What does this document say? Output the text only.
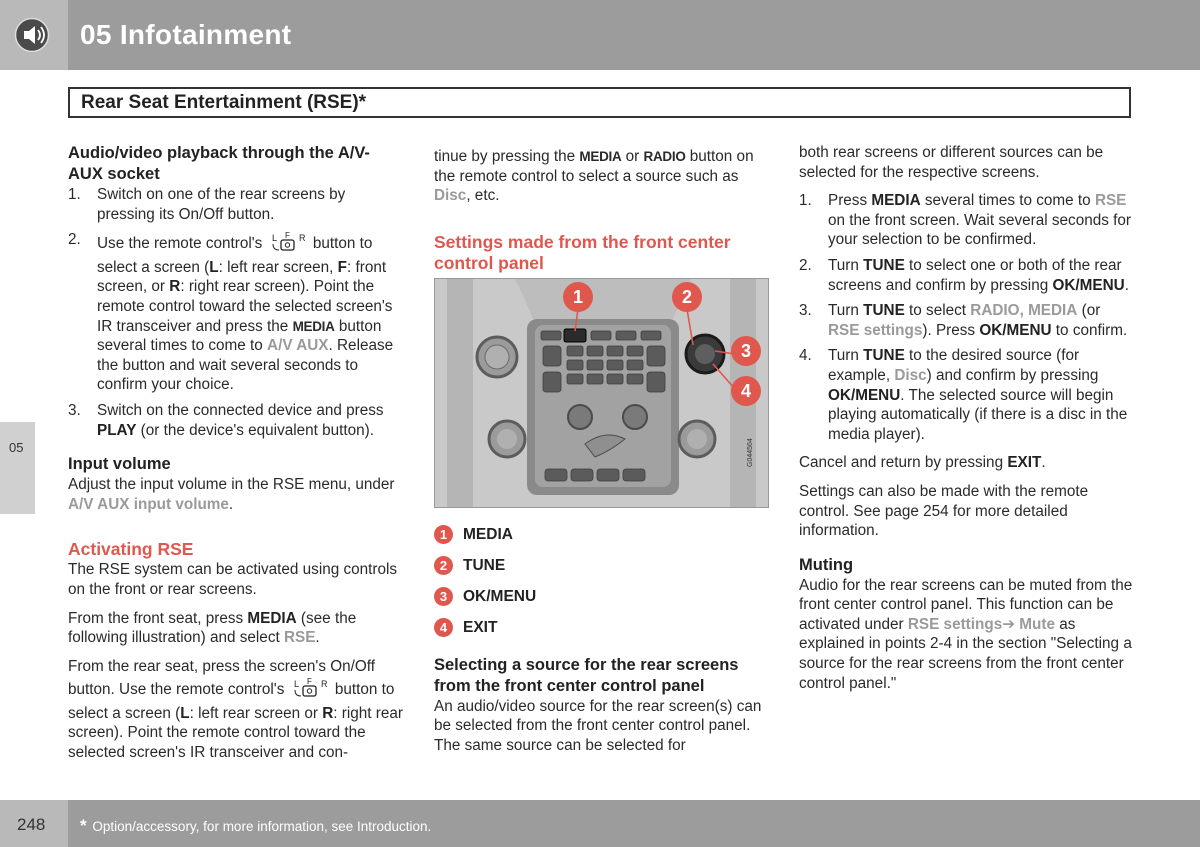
05 Infotainment
Rear Seat Entertainment (RSE)*
05
Audio/video playback through the A/V-AUX socket
1. Switch on one of the rear screens by pressing its On/Off button.
2. Use the remote control's L F R button to select a screen (L: left rear screen, F: front screen, or R: right rear screen). Point the remote control toward the selected screen's IR transceiver and press the MEDIA button several times to come to A/V AUX. Release the button and wait several seconds to confirm your choice.
3. Switch on the connected device and press PLAY (or the device's equivalent button).
Input volume

Adjust the input volume in the RSE menu, under A/V AUX input volume.

Activating RSE

The RSE system can be activated using controls on the front or rear screens.

From the front seat, press MEDIA (see the following illustration) and select RSE.

From the rear seat, press the screen's On/Off button. Use the remote control's L F R button to select a screen (L: left rear screen or R: right rear screen). Point the remote control toward the selected screen's IR transceiver and con-

tinue by pressing the MEDIA or RADIO button on the remote control to select a source such as Disc, etc.

Settings made from the front center control panel
1	2
3
4
G044564
1	MEDIA
2	TUNE
3	OK/MENU
4	EXIT
Selecting a source for the rear screens from the front center control panel

An audio/video source for the rear screen(s) can be selected from the front center control panel. The same source can be selected for

both rear screens or different sources can be selected for the respective screens.

1. Press MEDIA several times to come to RSE on the front screen. Wait several seconds for your selection to be confirmed.
2. Turn TUNE to select one or both of the rear screens and confirm by pressing OK/MENU.
3. Turn TUNE to select RADIO, MEDIA (or RSE settings). Press OK/MENU to confirm.
4. Turn TUNE to the desired source (for example, Disc) and confirm by pressing OK/MENU. The selected source will begin playing automatically (if there is a disc in the media player).

Cancel and return by pressing EXIT.

Settings can also be made with the remote control. See page 254 for more detailed information.

Muting

Audio for the rear screens can be muted from the front center control panel. This function can be activated under RSE settings➔ Mute as explained in points 2-4 in the section "Selecting a source for the rear screens from the front center control panel."

248 * Option/accessory, for more information, see Introduction.
